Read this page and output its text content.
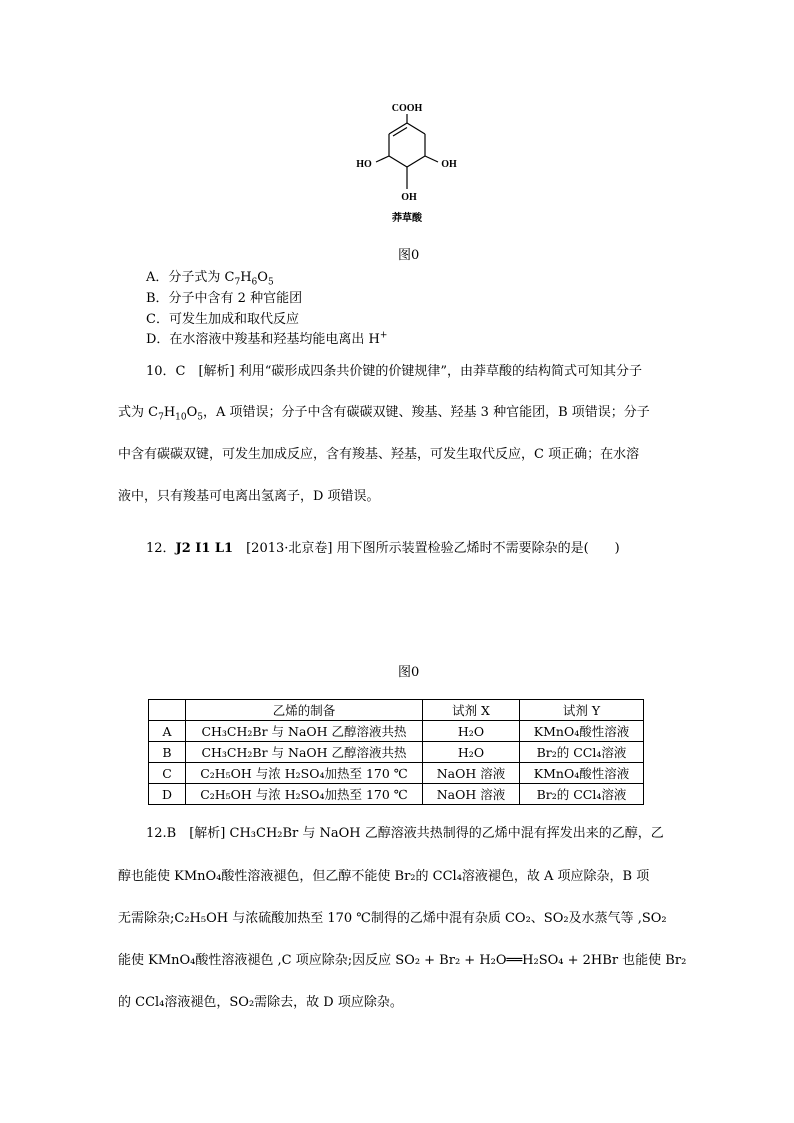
COOH
HO	OH
OH
莽草酸
图0
A．分子式为 $C_7H_6O_5$
B．分子中含有 2 种官能团
C．可发生加成和取代反应
D．在水溶液中羧基和羟基均能电离出 H+
10．C　[解析] 利用“碳形成四条共价键的价键规律”，由莽草酸的结构简式可知其分子
式为 $C_7H_{10}O_5$，A 项错误；分子中含有碳碳双键、羧基、羟基 3 种官能团，B 项错误；分子
中含有碳碳双键，可发生加成反应，含有羧基、羟基，可发生取代反应，C 项正确；在水溶
液中，只有羧基可电离出氢离子，D 项错误。
12．J2 I1 L1　[2013·北京卷] 用下图所示装置检验乙烯时不需要除杂的是(　　)
图0
	乙烯的制备	试剂 X	试剂 Y
A	CH₃CH₂Br 与 NaOH 乙醇溶液共热	H₂O	KMnO₄酸性溶液
B	CH₃CH₂Br 与 NaOH 乙醇溶液共热	H₂O	Br₂的 CCl₄溶液
C	C₂H₅OH 与浓 H₂SO₄加热至 170 ℃	NaOH 溶液	KMnO₄酸性溶液
D	C₂H₅OH 与浓 H₂SO₄加热至 170 ℃	NaOH 溶液	Br₂的 CCl₄溶液
12.B　[解析] CH₃CH₂Br 与 NaOH 乙醇溶液共热制得的乙烯中混有挥发出来的乙醇，乙
醇也能使 KMnO₄酸性溶液褪色，但乙醇不能使 Br₂的 CCl₄溶液褪色，故 A 项应除杂，B 项
无需除杂;C₂H₅OH 与浓硫酸加热至 170 ℃制得的乙烯中混有杂质 CO₂、SO₂及水蒸气等 ,SO₂
能使 KMnO₄酸性溶液褪色 ,C 项应除杂;因反应 SO₂ + Br₂ + H₂O══H₂SO₄ + 2HBr 也能使 Br₂
的 CCl₄溶液褪色，SO₂需除去，故 D 项应除杂。
